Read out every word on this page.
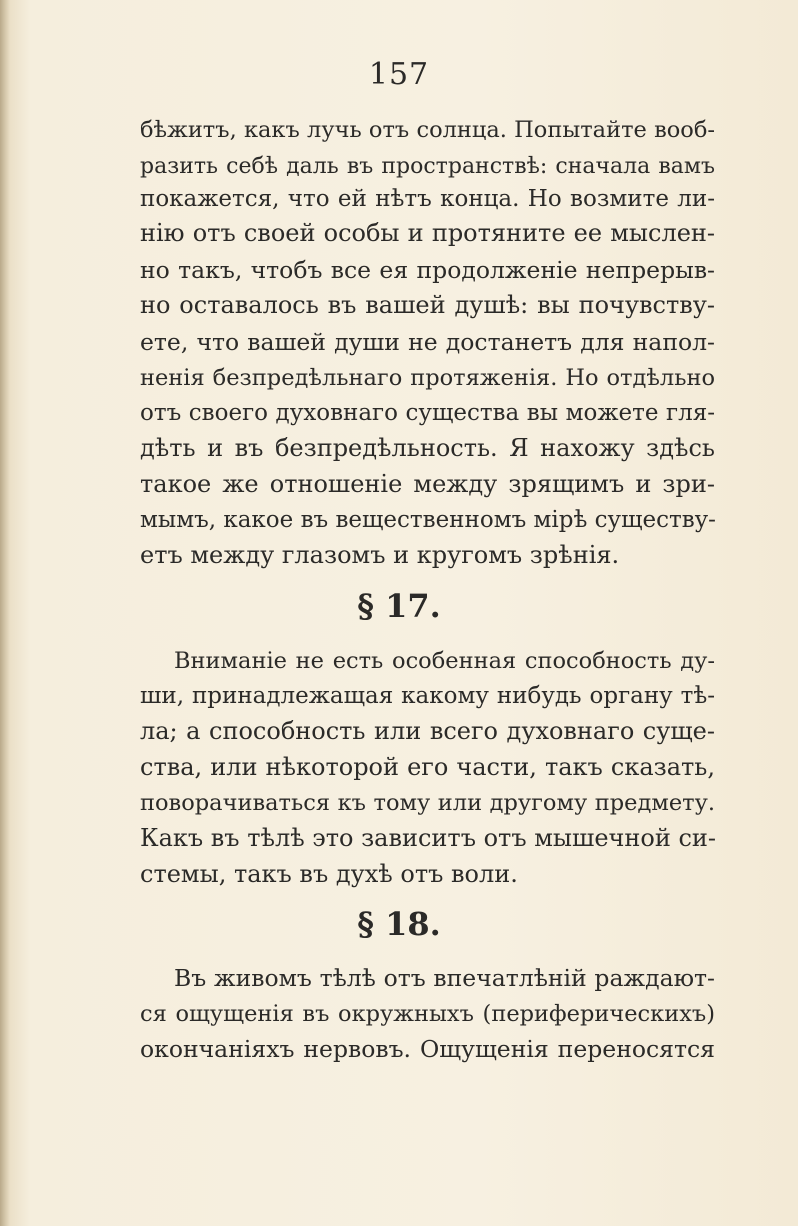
157
бѣжитъ, какъ лучь отъ солнца. Попытайте вооб-
разить себѣ даль въ пространствѣ: сначала вамъ
покажется, что ей нѣтъ конца. Но возмите ли-
нію отъ своей особы и протяните ее мыслен-
но такъ, чтобъ все ея продолженіе непрерыв-
но оставалось въ вашей душѣ: вы почувству-
ете, что вашей души не достанетъ для напол-
ненія безпредѣльнаго протяженія. Но отдѣльно
отъ своего духовнаго существа вы можете гля-
дѣть и въ безпредѣльность. Я нахожу здѣсь
такое же отношеніе между зрящимъ и зри-
мымъ, какое въ вещественномъ мірѣ существу-
етъ между глазомъ и кругомъ зрѣнія.
§ 17.
Вниманіе не есть особенная способность ду-
ши, принадлежащая какому нибудь органу тѣ-
ла; а способность или всего духовнаго суще-
ства, или нѣкоторой его части, такъ сказать,
поворачиваться къ тому или другому предмету.
Какъ въ тѣлѣ это зависитъ отъ мышечной си-
стемы, такъ въ духѣ отъ воли.
§ 18.
Въ живомъ тѣлѣ отъ впечатлѣній раждают-
ся ощущенія въ окружныхъ (периферическихъ)
окончаніяхъ нервовъ. Ощущенія переносятся
